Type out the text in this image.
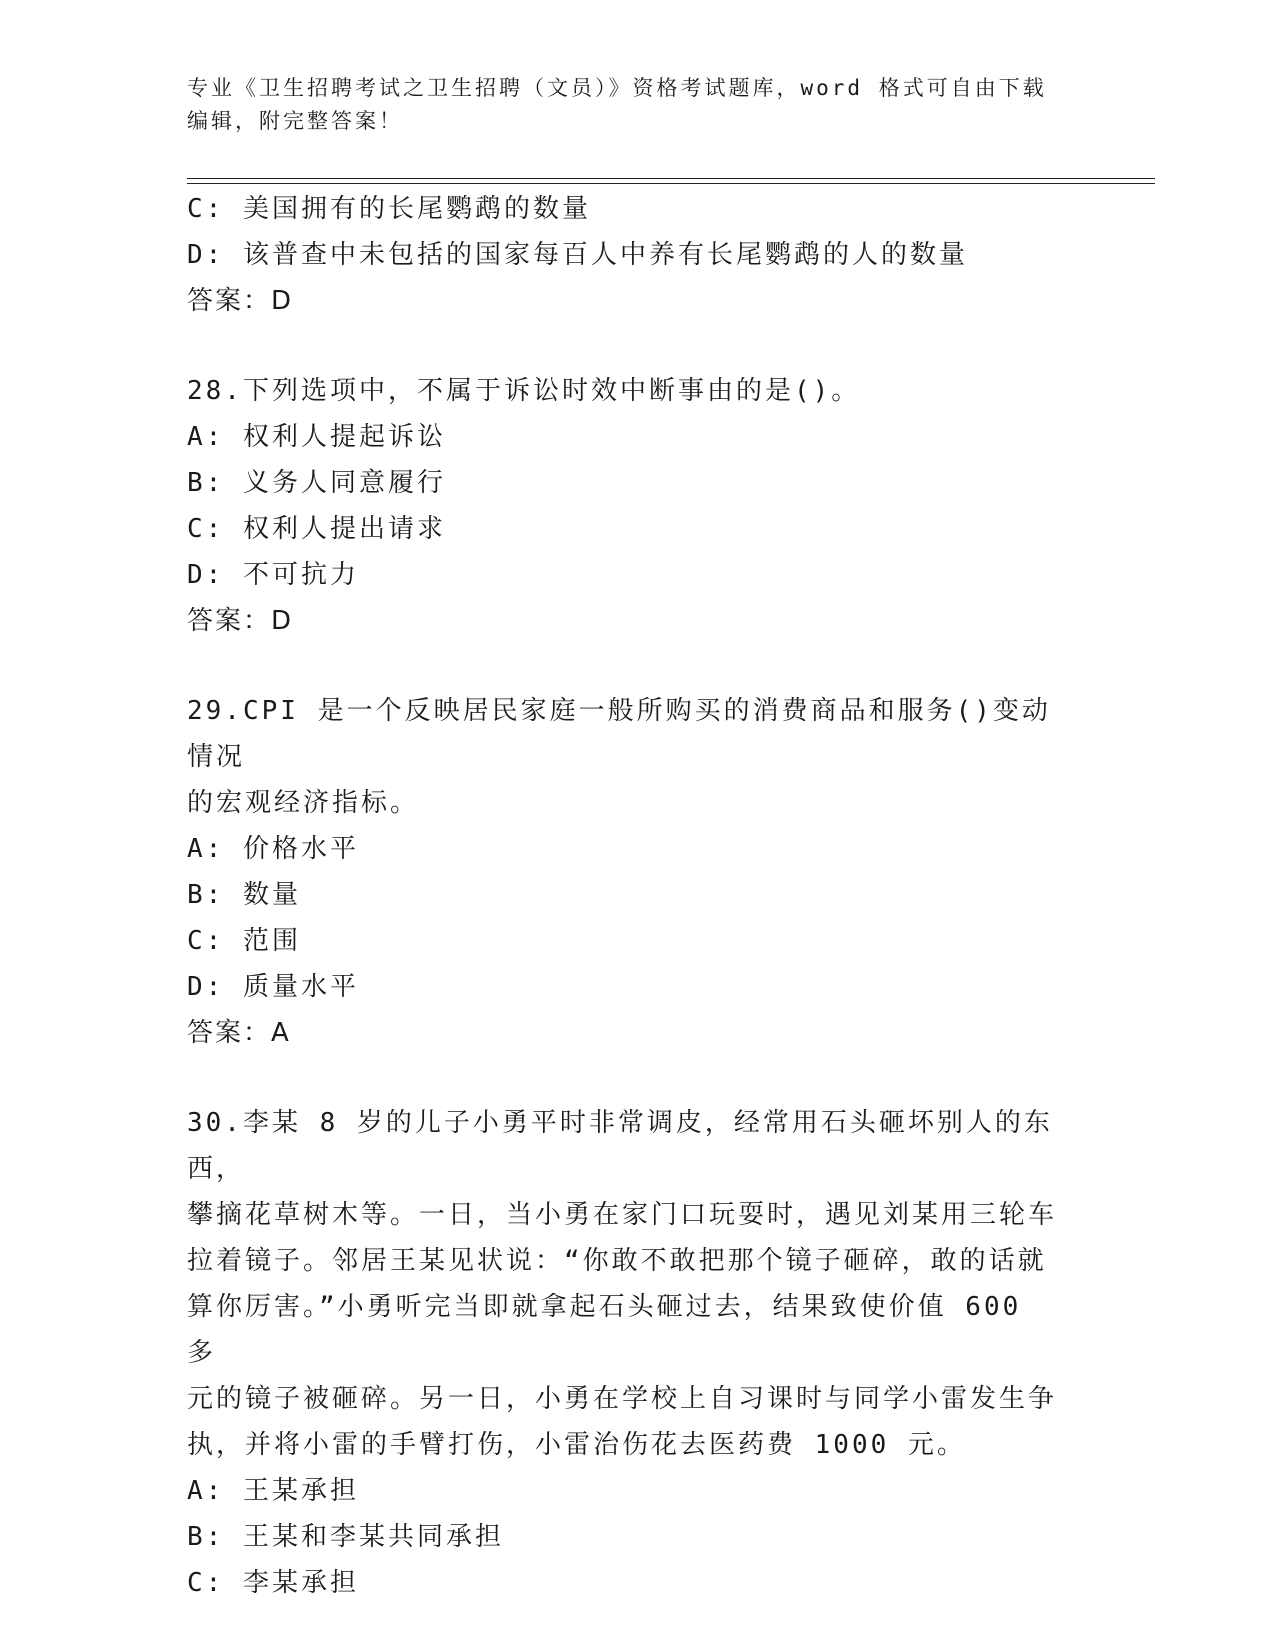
专业《卫生招聘考试之卫生招聘（文员）》资格考试题库，word 格式可自由下载
编辑，附完整答案！
C: 美国拥有的长尾鹦鹉的数量
D: 该普查中未包括的国家每百人中养有长尾鹦鹉的人的数量
答案：D
28.下列选项中，不属于诉讼时效中断事由的是()。
A: 权利人提起诉讼
B: 义务人同意履行
C: 权利人提出请求
D: 不可抗力
答案：D
29.CPI 是一个反映居民家庭一般所购买的消费商品和服务()变动情况
的宏观经济指标。
A: 价格水平
B: 数量
C: 范围
D: 质量水平
答案：A
30.李某 8 岁的儿子小勇平时非常调皮，经常用石头砸坏别人的东西，
攀摘花草树木等。一日，当小勇在家门口玩耍时，遇见刘某用三轮车
拉着镜子。邻居王某见状说：“你敢不敢把那个镜子砸碎，敢的话就
算你厉害。”小勇听完当即就拿起石头砸过去，结果致使价值 600 多
元的镜子被砸碎。另一日，小勇在学校上自习课时与同学小雷发生争
执，并将小雷的手臂打伤，小雷治伤花去医药费 1000 元。
A: 王某承担
B: 王某和李某共同承担
C: 李某承担
